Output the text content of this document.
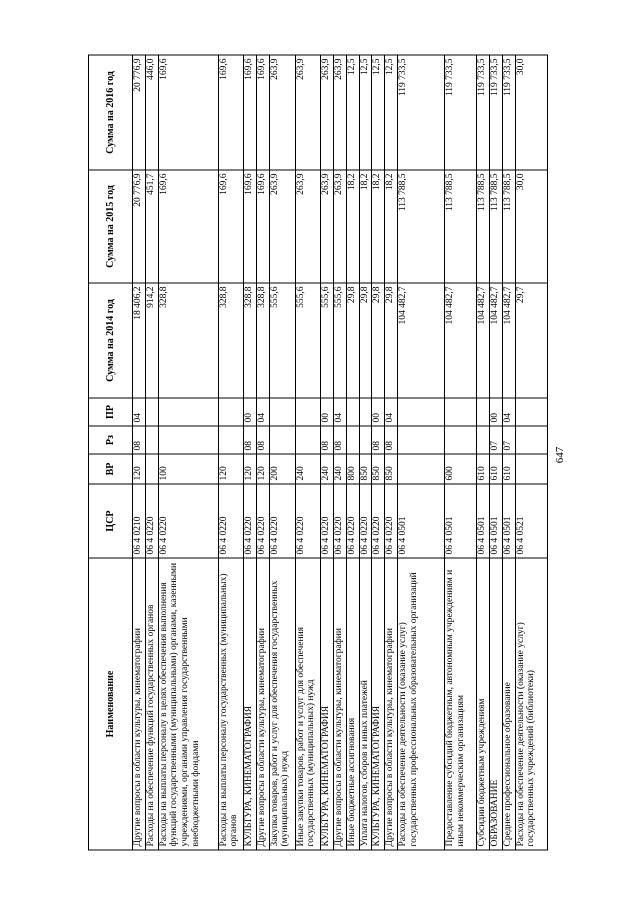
647
Наименование	ЦСР	ВР	Рз	ПР	Сумма на 2014 год	Сумма на 2015 год	Сумма на 2016 год
Другие вопросы в области культуры, кинематографии	06 4 0210	120	08	04	18 406,2	20 776,9	20 776,9
Расходы на обеспечение функций государственных органов	06 4 0220				914,2	451,7	446,0
Расходы на выплаты персоналу в целях обеспечения выполнения функций государственными (муниципальными) органами, казенными учреждениями, органами управления государственными внебюджетными фондами	06 4 0220	100			328,8	169,6	169,6
Расходы на выплаты персоналу государственных (муниципальных) органов	06 4 0220	120			328,8	169,6	169,6
КУЛЬТУРА, КИНЕМАТОГРАФИЯ	06 4 0220	120	08	00	328,8	169,6	169,6
Другие вопросы в области культуры, кинематографии	06 4 0220	120	08	04	328,8	169,6	169,6
Закупка товаров, работ и услуг для обеспечения государственных (муниципальных) нужд	06 4 0220	200			555,6	263,9	263,9
Иные закупки товаров, работ и услуг для обеспечения государственных (муниципальных) нужд	06 4 0220	240			555,6	263,9	263,9
КУЛЬТУРА, КИНЕМАТОГРАФИЯ	06 4 0220	240	08	00	555,6	263,9	263,9
Другие вопросы в области культуры, кинематографии	06 4 0220	240	08	04	555,6	263,9	263,9
Иные бюджетные ассигнования	06 4 0220	800			29,8	18,2	12,5
Уплата налогов, сборов и иных платежей	06 4 0220	850			29,8	18,2	12,5
КУЛЬТУРА, КИНЕМАТОГРАФИЯ	06 4 0220	850	08	00	29,8	18,2	12,5
Другие вопросы в области культуры, кинематографии	06 4 0220	850	08	04	29,8	18,2	12,5
Расходы на обеспечение деятельности (оказание услуг) государственных профессиональных образовательных организаций	06 4 0501				104 482,7	113 788,5	119 733,5
Предоставление субсидий бюджетным, автономным учреждениям и иным некоммерческим организациям	06 4 0501	600			104 482,7	113 788,5	119 733,5
Субсидии бюджетным учреждениям	06 4 0501	610			104 482,7	113 788,5	119 733,5
ОБРАЗОВАНИЕ	06 4 0501	610	07	00	104 482,7	113 788,5	119 733,5
Среднее профессиональное образование	06 4 0501	610	07	04	104 482,7	113 788,5	119 733,5
Расходы на обеспечение деятельности (оказание услуг) государственных учреждений (библиотеки)	06 4 0521				29,7	30,0	30,0
